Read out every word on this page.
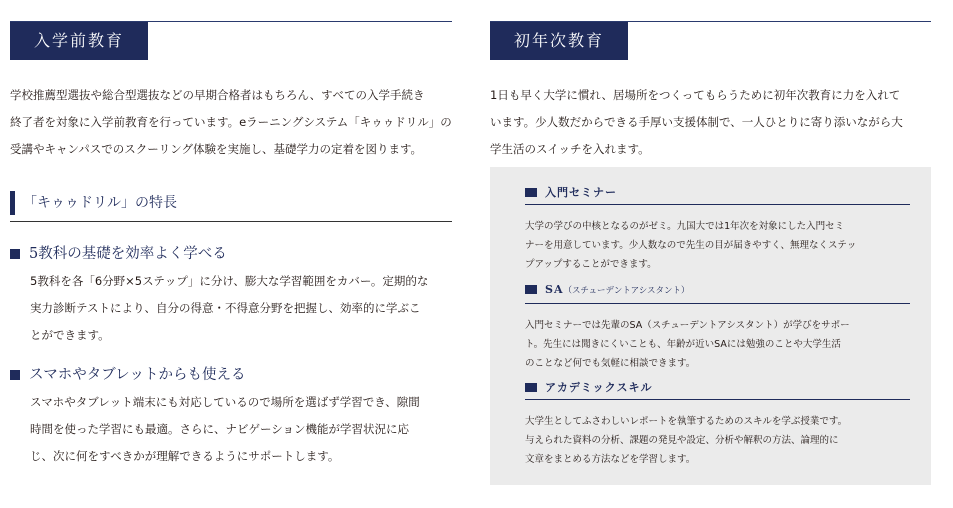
入学前教育
学校推薦型選抜や総合型選抜などの早期合格者はもちろん、すべての入学手続き
終了者を対象に入学前教育を行っています。eラーニングシステム「キゥゥドリル」の
受講やキャンパスでのスクーリング体験を実施し、基礎学力の定着を図ります。
「キゥゥドリル」の特長
5教科の基礎を効率よく学べる
5教科を各「6分野×5ステップ」に分け、膨大な学習範囲をカバー。定期的な
実力診断テストにより、自分の得意・不得意分野を把握し、効率的に学ぶこ
とができます。
スマホやタブレットからも使える
スマホやタブレット端末にも対応しているので場所を選ばず学習でき、隙間
時間を使った学習にも最適。さらに、ナビゲーション機能が学習状況に応
じ、次に何をすべきかが理解できるようにサポートします。
初年次教育
1日も早く大学に慣れ、居場所をつくってもらうために初年次教育に力を入れて
います。少人数だからできる手厚い支援体制で、一人ひとりに寄り添いながら大
学生活のスイッチを入れます。
入門セミナー
大学の学びの中核となるのがゼミ。九国大では1年次を対象にした入門セミ
ナーを用意しています。少人数なので先生の目が届きやすく、無理なくステッ
プアップすることができます。
SA（スチューデントアシスタント）
入門セミナーでは先輩のSA（スチューデントアシスタント）が学びをサポー
ト。先生には聞きにくいことも、年齢が近いSAには勉強のことや大学生活
のことなど何でも気軽に相談できます。
アカデミックスキル
大学生としてふさわしいレポートを執筆するためのスキルを学ぶ授業です。
与えられた資料の分析、課題の発見や設定、分析や解釈の方法、論理的に
文章をまとめる方法などを学習します。
